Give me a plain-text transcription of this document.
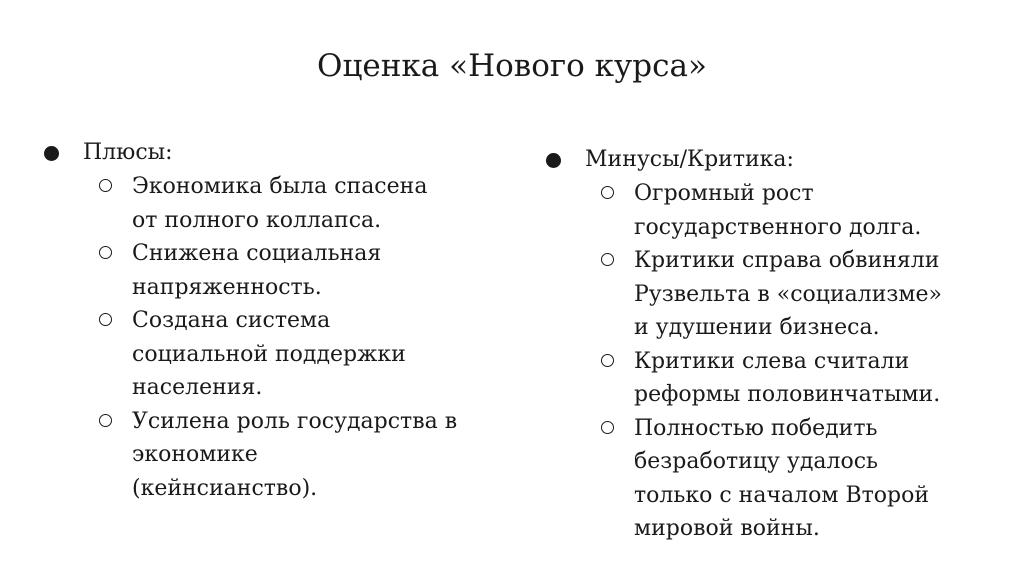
Оценка «Нового курса»
Плюсы:
Экономика была спасена
от полного коллапса.
Снижена социальная
напряженность.
Создана система
социальной поддержки
населения.
Усилена роль государства в
экономике
(кейнсианство).
Минусы/Критика:
Огромный рост
государственного долга.
Критики справа обвиняли
Рузвельта в «социализме»
и удушении бизнеса.
Критики слева считали
реформы половинчатыми.
Полностью победить
безработицу удалось
только с началом Второй
мировой войны.
